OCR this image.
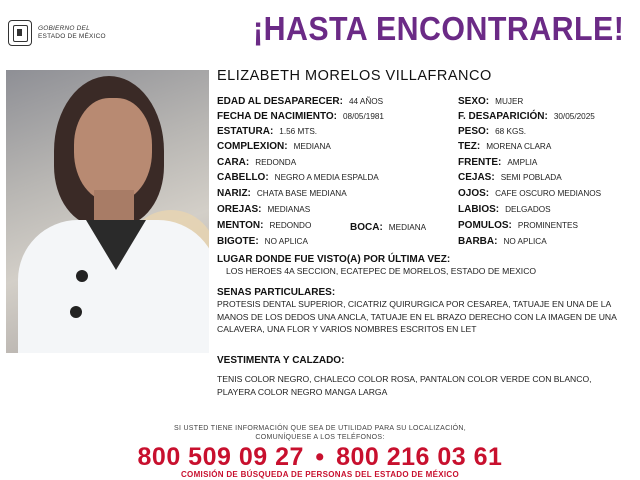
GOBIERNO DEL
ESTADO DE MÉXICO	¡HASTA ENCONTRARLE!
ELIZABETH MORELOS VILLAFRANCO
EDAD AL DESAPARECER: 44 AÑOS
FECHA DE NACIMIENTO: 08/05/1981
ESTATURA: 1.56 MTS.
COMPLEXION: MEDIANA
CARA: REDONDA
CABELLO: NEGRO A MEDIA ESPALDA
NARIZ: CHATA BASE MEDIANA
OREJAS: MEDIANAS
MENTON: REDONDO	BOCA: MEDIANA
BIGOTE: NO APLICA
SEXO: MUJER
F. DESAPARICIÓN: 30/05/2025
PESO: 68 KGS.
TEZ: MORENA CLARA
FRENTE: AMPLIA
CEJAS: SEMI POBLADA
OJOS: CAFE OSCURO MEDIANOS
LABIOS: DELGADOS
POMULOS: PROMINENTES
BARBA: NO APLICA
LUGAR DONDE FUE VISTO(A) POR ÚLTIMA VEZ:
LOS HEROES 4A SECCION, ECATEPEC DE MORELOS, ESTADO DE MEXICO
SENAS PARTICULARES:
PROTESIS DENTAL SUPERIOR, CICATRIZ QUIRURGICA POR CESAREA, TATUAJE EN UNA DE LA MANOS DE LOS DEDOS UNA ANCLA, TATUAJE EN EL BRAZO DERECHO CON LA IMAGEN DE UNA CALAVERA, UNA FLOR Y VARIOS NOMBRES ESCRITOS EN LET
VESTIMENTA Y CALZADO:
TENIS COLOR NEGRO, CHALECO COLOR ROSA, PANTALON COLOR VERDE CON BLANCO, PLAYERA COLOR NEGRO MANGA LARGA
SI USTED TIENE INFORMACIÓN QUE SEA DE UTILIDAD PARA SU LOCALIZACIÓN,
COMUNÍQUESE A LOS TELÉFONOS:
800 509 09 27 • 800 216 03 61
COMISIÓN DE BÚSQUEDA DE PERSONAS DEL ESTADO DE MÉXICO
